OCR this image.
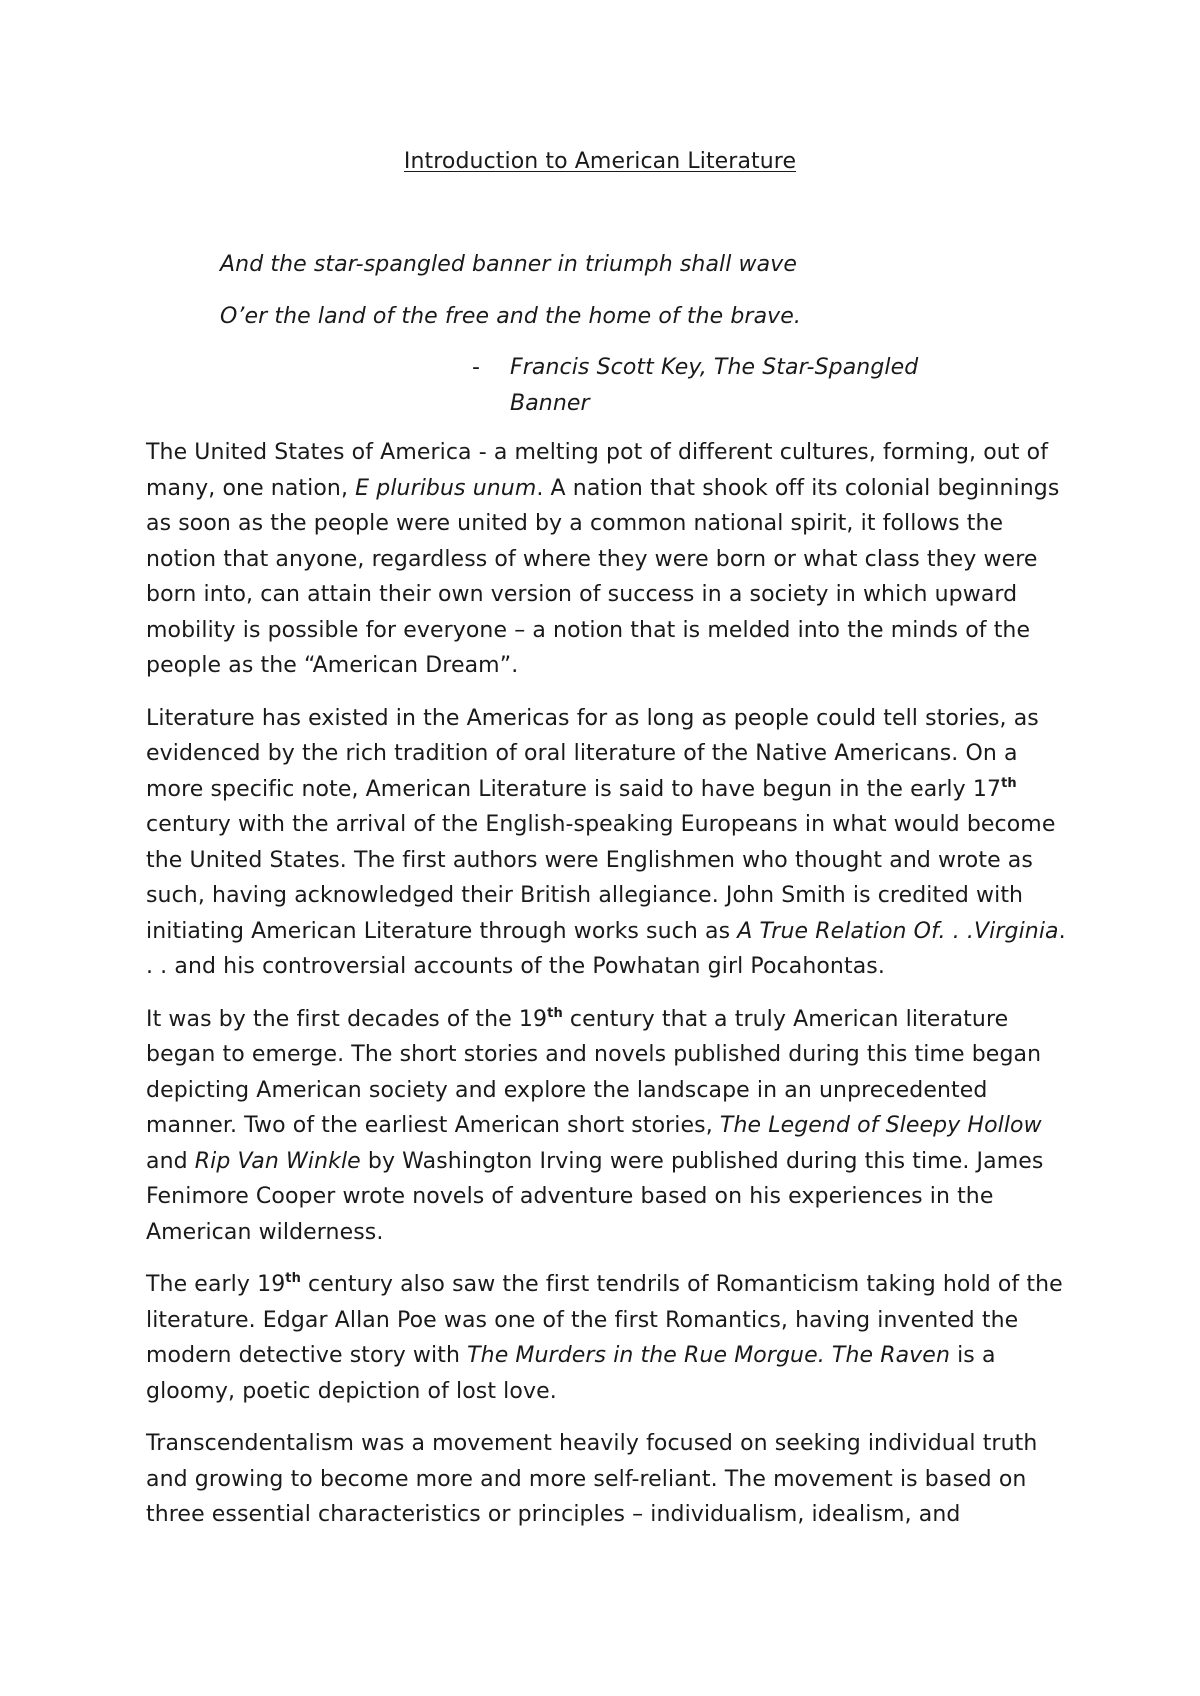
Introduction to American Literature

And the star-spangled banner in triumph shall wave

O’er the land of the free and the home of the brave.

- Francis Scott Key, The Star-Spangled Banner

The United States of America - a melting pot of different cultures, forming, out of many, one nation, E pluribus unum. A nation that shook off its colonial beginnings as soon as the people were united by a common national spirit, it follows the notion that anyone, regardless of where they were born or what class they were born into, can attain their own version of success in a society in which upward mobility is possible for everyone – a notion that is melded into the minds of the people as the “American Dream”.

Literature has existed in the Americas for as long as people could tell stories, as evidenced by the rich tradition of oral literature of the Native Americans. On a more specific note, American Literature is said to have begun in the early 17th century with the arrival of the English-speaking Europeans in what would become the United States. The first authors were Englishmen who thought and wrote as such, having acknowledged their British allegiance. John Smith is credited with initiating American Literature through works such as A True Relation Of. . .Virginia. . . and his controversial accounts of the Powhatan girl Pocahontas.

It was by the first decades of the 19th century that a truly American literature began to emerge. The short stories and novels published during this time began depicting American society and explore the landscape in an unprecedented manner. Two of the earliest American short stories, The Legend of Sleepy Hollow and Rip Van Winkle by Washington Irving were published during this time. James Fenimore Cooper wrote novels of adventure based on his experiences in the American wilderness.

The early 19th century also saw the first tendrils of Romanticism taking hold of the literature. Edgar Allan Poe was one of the first Romantics, having invented the modern detective story with The Murders in the Rue Morgue. The Raven is a gloomy, poetic depiction of lost love.

Transcendentalism was a movement heavily focused on seeking individual truth and growing to become more and more self-reliant. The movement is based on three essential characteristics or principles – individualism, idealism, and
